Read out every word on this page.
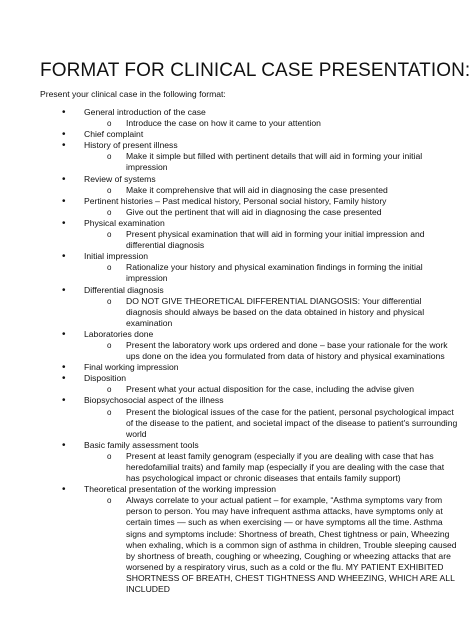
FORMAT FOR CLINICAL CASE PRESENTATION:
Present your clinical case in the following format:
• General introduction of the case
o Introduce the case on how it came to your attention
• Chief complaint
• History of present illness
o Make it simple but filled with pertinent details that will aid in forming your initial impression
• Review of systems
o Make it comprehensive that will aid in diagnosing the case presented
• Pertinent histories – Past medical history, Personal social history, Family history
o Give out the pertinent that will aid in diagnosing the case presented
• Physical examination
o Present physical examination that will aid in forming your initial impression and differential diagnosis
• Initial impression
o Rationalize your history and physical examination findings in forming the initial impression
• Differential diagnosis
o DO NOT GIVE THEORETICAL DIFFERENTIAL DIANGOSIS: Your differential diagnosis should always be based on the data obtained in history and physical examination
• Laboratories done
o Present the laboratory work ups ordered and done – base your rationale for the work ups done on the idea you formulated from data of history and physical examinations
• Final working impression
• Disposition
o Present what your actual disposition for the case, including the advise given
• Biopsychosocial aspect of the illness
o Present the biological issues of the case for the patient, personal psychological impact of the disease to the patient, and societal impact of the disease to patient's surrounding world
• Basic family assessment tools
o Present at least family genogram (especially if you are dealing with case that has heredofamilial traits) and family map (especially if you are dealing with the case that has psychological impact or chronic diseases that entails family support)
• Theoretical presentation of the working impression
o Always correlate to your actual patient – for example, “Asthma symptoms vary from person to person. You may have infrequent asthma attacks, have symptoms only at certain times — such as when exercising — or have symptoms all the time. Asthma signs and symptoms include: Shortness of breath, Chest tightness or pain, Wheezing when exhaling, which is a common sign of asthma in children, Trouble sleeping caused by shortness of breath, coughing or wheezing, Coughing or wheezing attacks that are worsened by a respiratory virus, such as a cold or the flu. MY PATIENT EXHIBITED SHORTNESS OF BREATH, CHEST TIGHTNESS AND WHEEZING, WHICH ARE ALL INCLUDED
